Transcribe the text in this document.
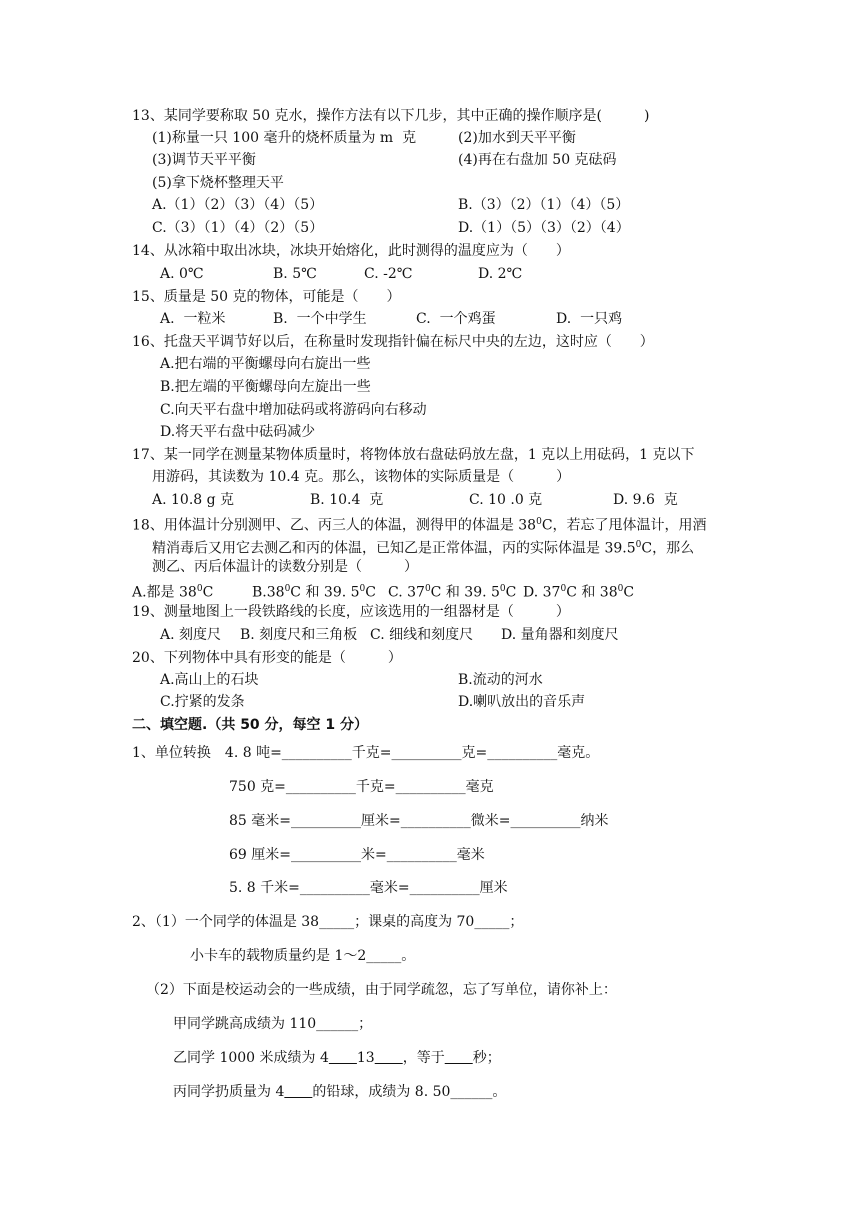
13、某同学要称取 50 克水，操作方法有以下几步，其中正确的操作顺序是(　　　)
(1)称量一只 100 毫升的烧杯质量为 m  克	(2)加水到天平平衡
(3)调节天平平衡	(4)再在右盘加 50 克砝码
(5)拿下烧杯整理天平
A.（1）（2）（3）（4）（5）	B.（3）（2）（1）（4）（5）
C.（3）（1）（4）（2）（5）	D.（1）（5）（3）（2）（4）
14、从冰箱中取出冰块，冰块开始熔化，此时测得的温度应为（　　）
A. 0℃	B. 5℃	C. -2℃	D. 2℃
15、质量是 50 克的物体，可能是（　　）
A.  一粒米	B.  一个中学生	C.  一个鸡蛋	D.  一只鸡
16、托盘天平调节好以后，在称量时发现指针偏在标尺中央的左边，这时应（　　）
A.把右端的平衡螺母向右旋出一些
B.把左端的平衡螺母向左旋出一些
C.向天平右盘中增加砝码或将游码向右移动
D.将天平右盘中砝码减少
17、某一同学在测量某物体质量时，将物体放右盘砝码放左盘，1 克以上用砝码，1 克以下
用游码，其读数为 10.4 克。那么，该物体的实际质量是（　　　）
A. 10.8 g 克	B. 10.4  克	C. 10 .0 克	D. 9.6  克
18、用体温计分别测甲、乙、丙三人的体温，测得甲的体温是 $38^0C$，若忘了甩体温计，用酒
精消毒后又用它去测乙和丙的体温，已知乙是正常体温，丙的实际体温是 39.5$^0$C，那么
测乙、丙后体温计的读数分别是（　　　）
A.都是 $38^0C$	$B.38^0C$ 和 39. $5^0C$ C. $37^0C$ 和 39. $5^0C$ D. $37^0C$ 和 $38^0C$
19、测量地图上一段铁路线的长度，应该选用的一组器材是（　　　）
A. 刻度尺 B. 刻度尺和三角板 C. 细线和刻度尺 D. 量角器和刻度尺
20、下列物体中具有形变的能是（　　　）
A.高山上的石块	B.流动的河水
C.拧紧的发条	D.喇叭放出的音乐声
二、填空题.（共 50 分，每空 1 分）
1、单位转换　4. 8 吨=__________千克=__________克=__________毫克。
750 克=__________千克=__________毫克
85 毫米=__________厘米=__________微米=__________纳米
69 厘米=__________米=__________毫米
5. 8 千米=__________毫米=__________厘米
2、（1）一个同学的体温是 38_____；课桌的高度为 70_____；
小卡车的载物质量约是 1～2_____。
（2）下面是校运动会的一些成绩，由于同学疏忽，忘了写单位，请你补上：
甲同学跳高成绩为 110______；
乙同学 1000 米成绩为 4　　 13　　 ，等于　　 秒；
丙同学扔质量为 4　　 的铅球，成绩为 8. 50______。
